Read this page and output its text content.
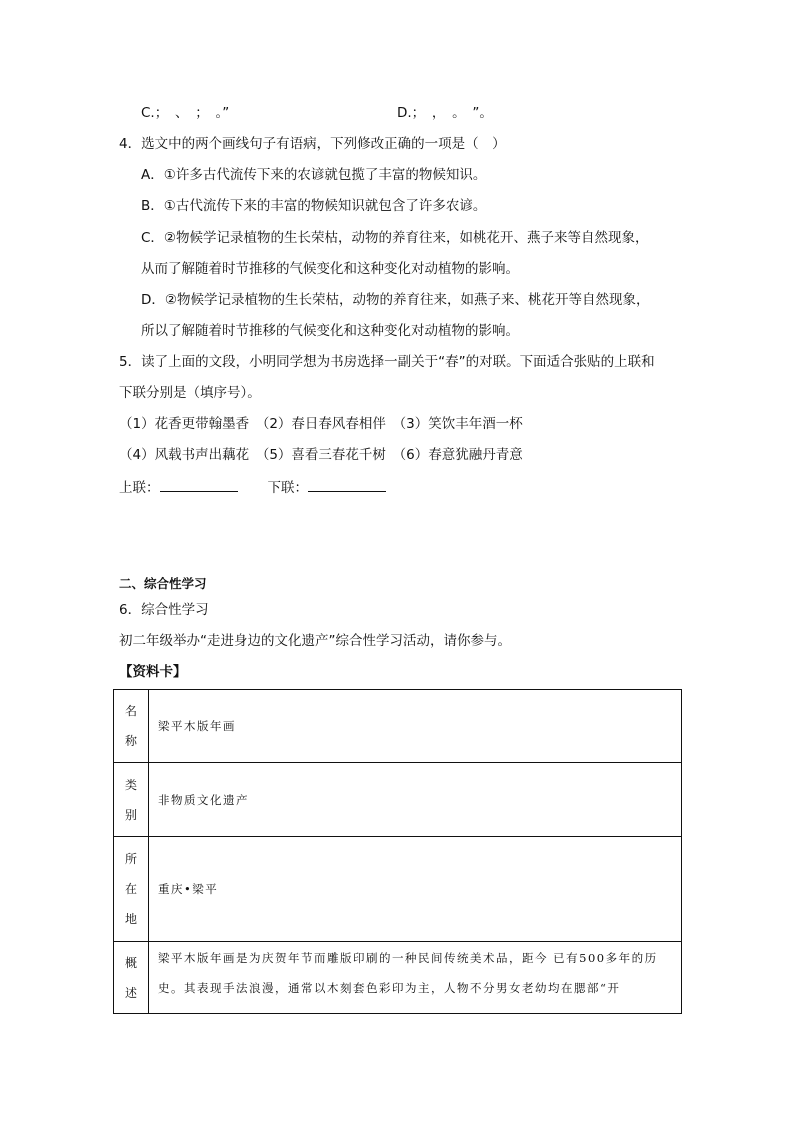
C.；　、　；　。”	D.；　，　。　”。
4．选文中的两个画线句子有语病，下列修改正确的一项是（　）
A．①许多古代流传下来的农谚就包揽了丰富的物候知识。
B．①古代流传下来的丰富的物候知识就包含了许多农谚。
C．②物候学记录植物的生长荣枯，动物的养育往来，如桃花开、燕子来等自然现象，
从而了解随着时节推移的气候变化和这种变化对动植物的影响。
D．②物候学记录植物的生长荣枯，动物的养育往来，如燕子来、桃花开等自然现象，
所以了解随着时节推移的气候变化和这种变化对动植物的影响。
5．读了上面的文段，小明同学想为书房选择一副关于“春”的对联。下面适合张贴的上联和
下联分别是（填序号）。
（1）花香更带翰墨香　（2）春日春风春相伴　（3）笑饮丰年酒一杯
（4）风载书声出藕花　（5）喜看三春花千树　（6）春意犹融丹青意
上联：	下联：
二、综合性学习
6．综合性学习
初二年级举办“走进身边的文化遗产”综合性学习活动，请你参与。
【资料卡】
名
称	梁平木版年画

类
别	非物质文化遗产

所
在
地	重庆•梁平

概
述	梁平木版年画是为庆贺年节而雕版印刷的一种民间传统美术品，距今 已有500多年的历史。其表现手法浪漫，通常以木刻套色彩印为主，人物不分男女老幼均在腮部“开
